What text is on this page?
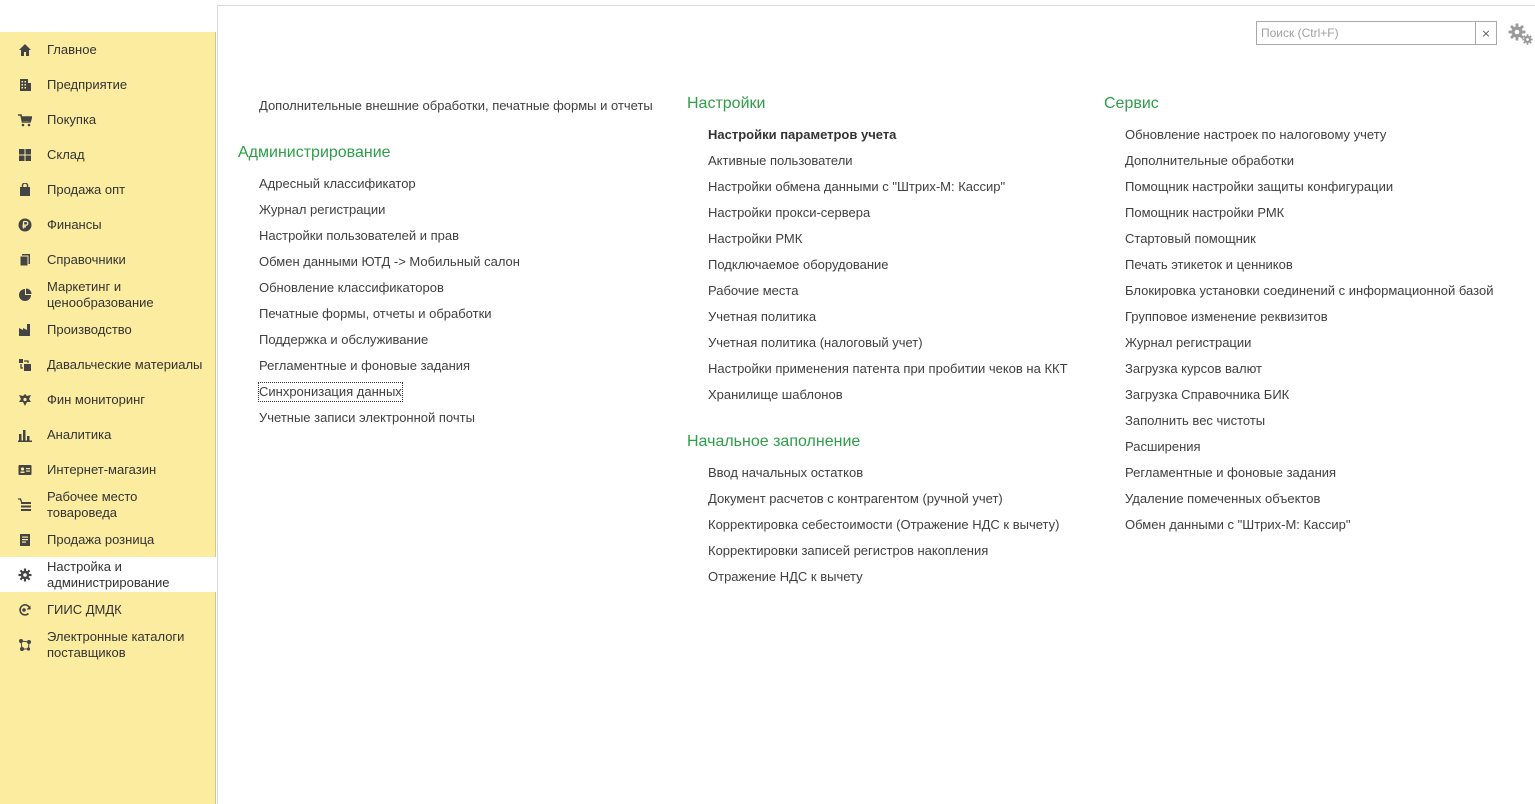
Главное
Предприятие
Покупка
Склад
Продажа опт
Финансы
Справочники
Маркетинг и
ценообразование
Производство
Давальческие материалы
Фин мониторинг
Аналитика
Интернет-магазин
Рабочее место
товароведа
Продажа розница
Настройка и
администрирование
ГИИС ДМДК
Электронные каталоги
поставщиков
Поиск (Ctrl+F)
×
Дополнительные внешние обработки, печатные формы и отчеты
Администрирование
Адресный классификатор
Журнал регистрации
Настройки пользователей и прав
Обмен данными ЮТД -> Мобильный салон
Обновление классификаторов
Печатные формы, отчеты и обработки
Поддержка и обслуживание
Регламентные и фоновые задания
Синхронизация данных
Учетные записи электронной почты
Настройки
Настройки параметров учета
Активные пользователи
Настройки обмена данными с "Штрих-М: Кассир"
Настройки прокси-сервера
Настройки РМК
Подключаемое оборудование
Рабочие места
Учетная политика
Учетная политика (налоговый учет)
Настройки применения патента при пробитии чеков на ККТ
Хранилище шаблонов
Начальное заполнение
Ввод начальных остатков
Документ расчетов с контрагентом (ручной учет)
Корректировка себестоимости (Отражение НДС к вычету)
Корректировки записей регистров накопления
Отражение НДС к вычету
Сервис
Обновление настроек по налоговому учету
Дополнительные обработки
Помощник настройки защиты конфигурации
Помощник настройки РМК
Стартовый помощник
Печать этикеток и ценников
Блокировка установки соединений с информационной базой
Групповое изменение реквизитов
Журнал регистрации
Загрузка курсов валют
Загрузка Справочника БИК
Заполнить вес чистоты
Расширения
Регламентные и фоновые задания
Удаление помеченных объектов
Обмен данными с "Штрих-М: Кассир"
